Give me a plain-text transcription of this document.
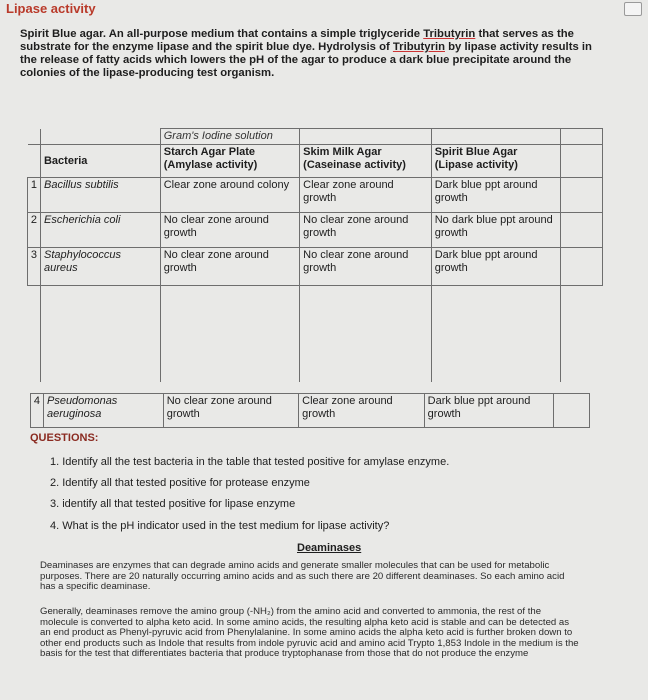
Lipase activity
Spirit Blue agar. An all-purpose medium that contains a simple triglyceride Tributyrin that serves as the substrate for the enzyme lipase and the spirit blue dye. Hydrolysis of Tributyrin by lipase activity results in the release of fatty acids which lowers the pH of the agar to produce a dark blue precipitate around the colonies of the lipase-producing test organism.
		Gram's Iodine solution			
	Bacteria	Starch Agar Plate (Amylase activity)	Skim Milk Agar (Caseinase activity)	Spirit Blue Agar (Lipase activity)	
1	Bacillus subtilis	Clear zone around colony	Clear zone around growth	Dark blue ppt around growth	
2	Escherichia coli	No clear zone around growth	No clear zone around growth	No dark blue ppt around growth	
3	Staphylococcus aureus	No clear zone around growth	No clear zone around growth	Dark blue ppt around growth	

4	Pseudomonas aeruginosa	No clear zone around growth	Clear zone around growth	Dark blue ppt around growth	
QUESTIONS:
1. Identify all the test bacteria in the table that tested positive for amylase enzyme.
2. Identify all that tested positive for protease enzyme
3. identify all that tested positive for lipase enzyme
4. What is the pH indicator used in the test medium for lipase activity?
Deaminases
Deaminases are enzymes that can degrade amino acids and generate smaller molecules that can be used for metabolic purposes. There are 20 naturally occurring amino acids and as such there are 20 different deaminases. So each amino acid has a specific deaminase.
Generally, deaminases remove the amino group (-NH₂) from the amino acid and converted to ammonia, the rest of the molecule is converted to alpha keto acid. In some amino acids, the resulting alpha keto acid is stable and can be detected as an end product as Phenyl-pyruvic acid from Phenylalanine. In some amino acids the alpha keto acid is further broken down to other end products such as Indole that results from indole pyruvic acid and amino acid Trypto 1,853 Indole in the medium is the basis for the test that differentiates bacteria that produce tryptophanase from those that do not produce the enzyme
